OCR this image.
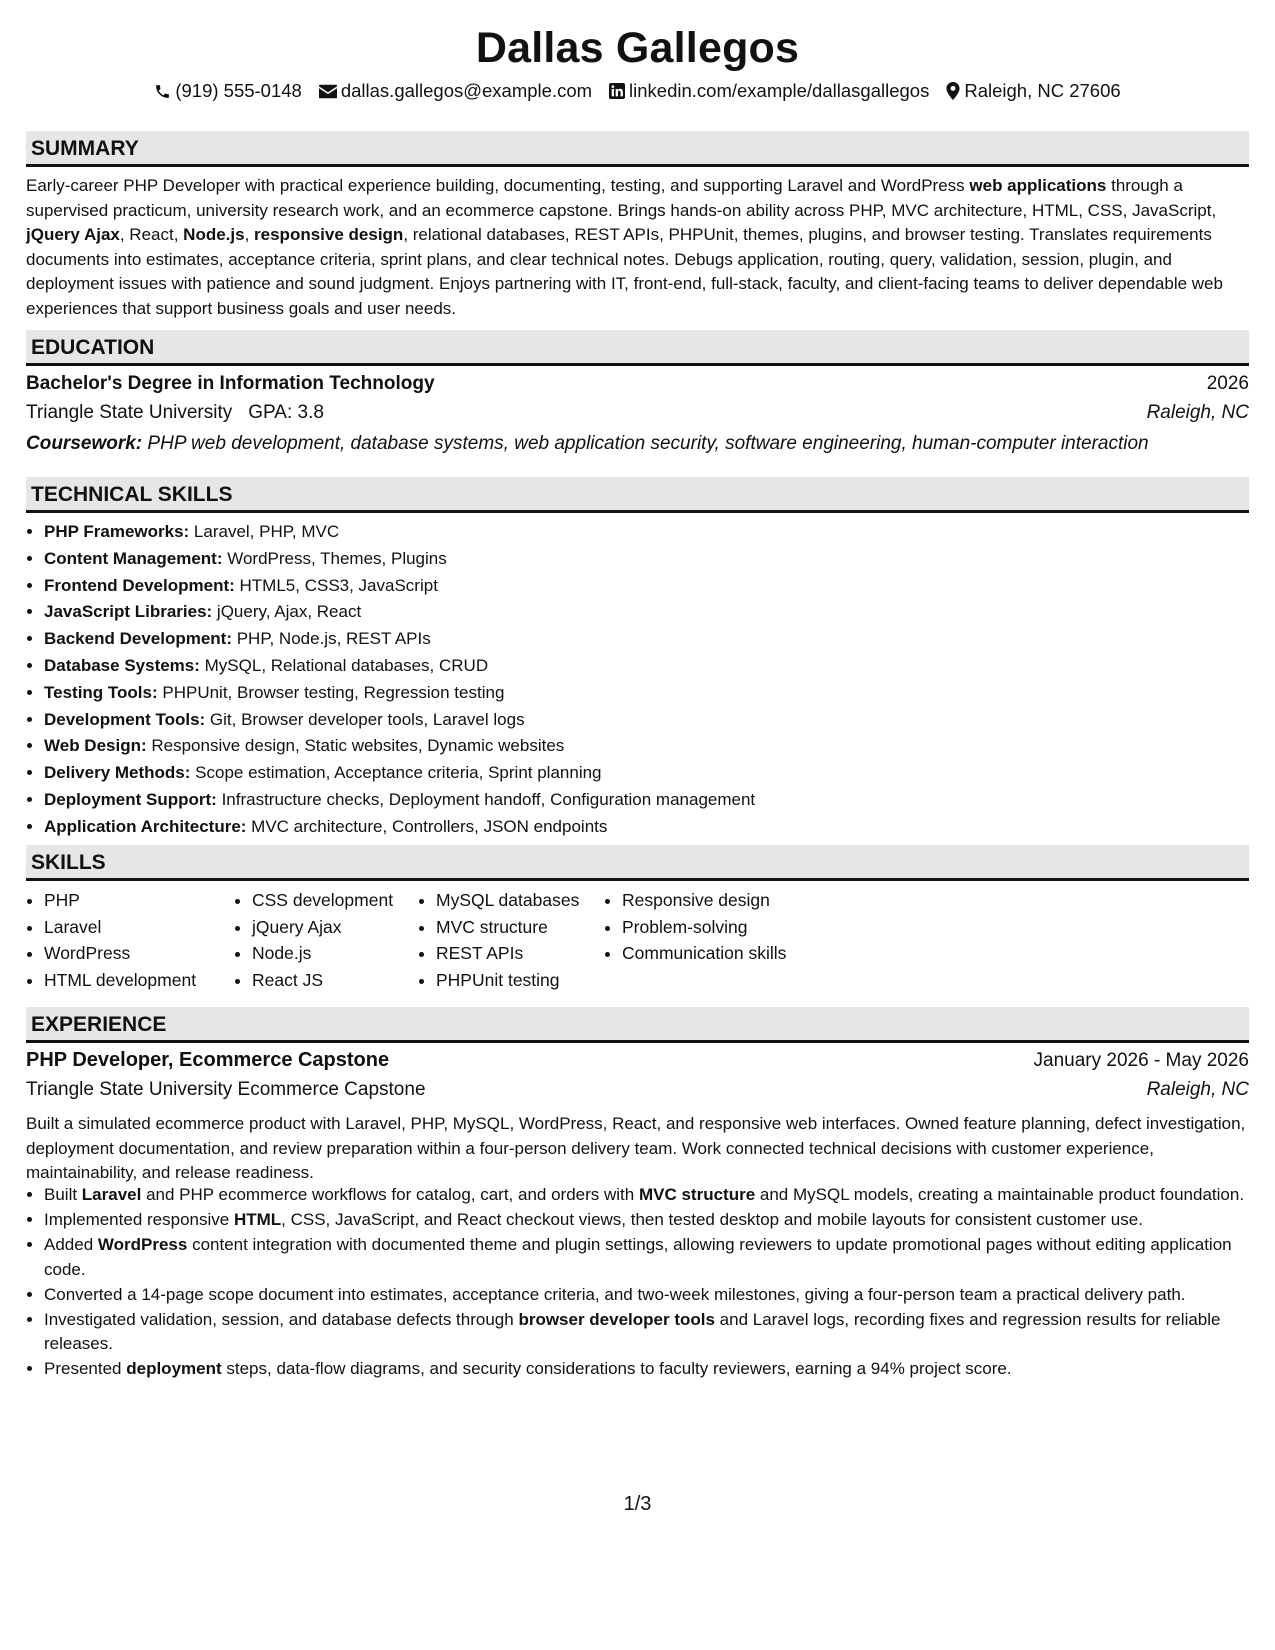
Dallas Gallegos
(919) 555-0148 dallas.gallegos@example.com linkedin.com/example/dallasgallegos Raleigh, NC 27606
SUMMARY

Early-career PHP Developer with practical experience building, documenting, testing, and supporting Laravel and WordPress web applications through a supervised practicum, university research work, and an ecommerce capstone. Brings hands-on ability across PHP, MVC architecture, HTML, CSS, JavaScript, jQuery Ajax, React, Node.js, responsive design, relational databases, REST APIs, PHPUnit, themes, plugins, and browser testing. Translates requirements documents into estimates, acceptance criteria, sprint plans, and clear technical notes. Debugs application, routing, query, validation, session, plugin, and deployment issues with patience and sound judgment. Enjoys partnering with IT, front-end, full-stack, faculty, and client-facing teams to deliver dependable web experiences that support business goals and user needs.

EDUCATION
Bachelor's Degree in Information Technology	2026
Triangle State University GPA: 3.8	Raleigh, NC
Coursework: PHP web development, database systems, web application security, software engineering, human-computer interaction
TECHNICAL SKILLS
• PHP Frameworks: Laravel, PHP, MVC
• Content Management: WordPress, Themes, Plugins
• Frontend Development: HTML5, CSS3, JavaScript
• JavaScript Libraries: jQuery, Ajax, React
• Backend Development: PHP, Node.js, REST APIs
• Database Systems: MySQL, Relational databases, CRUD
• Testing Tools: PHPUnit, Browser testing, Regression testing
• Development Tools: Git, Browser developer tools, Laravel logs
• Web Design: Responsive design, Static websites, Dynamic websites
• Delivery Methods: Scope estimation, Acceptance criteria, Sprint planning
• Deployment Support: Infrastructure checks, Deployment handoff, Configuration management
• Application Architecture: MVC architecture, Controllers, JSON endpoints
SKILLS
• PHP
• Laravel
• WordPress
• HTML development
• CSS development
• jQuery Ajax
• Node.js
• React JS
• MySQL databases
• MVC structure
• REST APIs
• PHPUnit testing
• Responsive design
• Problem-solving
• Communication skills
EXPERIENCE
PHP Developer, Ecommerce Capstone	January 2026 - May 2026
Triangle State University Ecommerce Capstone	Raleigh, NC

Built a simulated ecommerce product with Laravel, PHP, MySQL, WordPress, React, and responsive web interfaces. Owned feature planning, defect investigation, deployment documentation, and review preparation within a four-person delivery team. Work connected technical decisions with customer experience, maintainability, and release readiness.

• Built Laravel and PHP ecommerce workflows for catalog, cart, and orders with MVC structure and MySQL models, creating a maintainable product foundation.
• Implemented responsive HTML, CSS, JavaScript, and React checkout views, then tested desktop and mobile layouts for consistent customer use.
• Added WordPress content integration with documented theme and plugin settings, allowing reviewers to update promotional pages without editing application code.
• Converted a 14-page scope document into estimates, acceptance criteria, and two-week milestones, giving a four-person team a practical delivery path.
• Investigated validation, session, and database defects through browser developer tools and Laravel logs, recording fixes and regression results for reliable releases.
• Presented deployment steps, data-flow diagrams, and security considerations to faculty reviewers, earning a 94% project score.
1/3
